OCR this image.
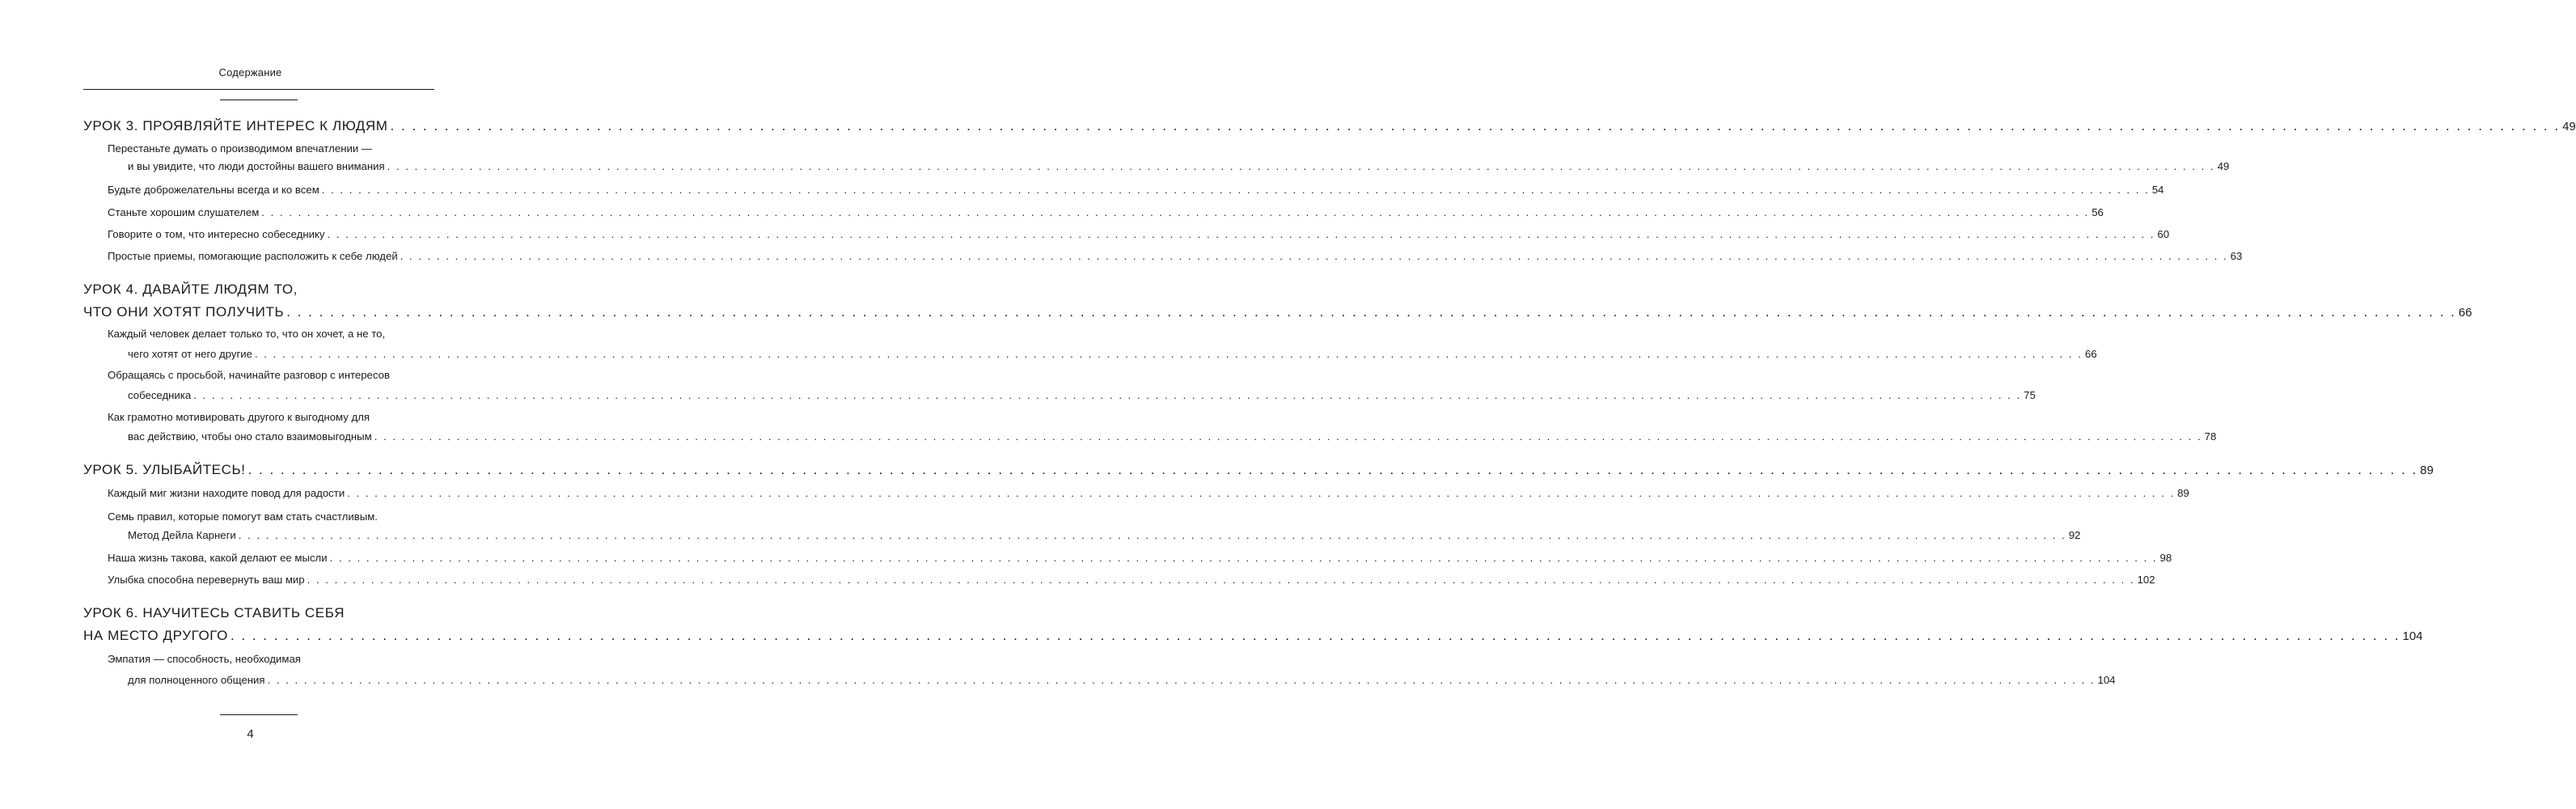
Содержание
УРОК 3. ПРОЯВЛЯЙТЕ ИНТЕРЕС К ЛЮДЯМ . . . . . . . . . . . . . . . . . . . . . . . . . . . . . . . . . . . . . . . . . . . . . . . . . . . . . . . . . . . . . . . . . . . . . . . . . . . . . . . . . . . . . . . . . . . . . . . . . . . . . . . . . . . . . . . . . . . . . . . . . . . . . . . . . . . . . . . . . . . . . . . . . . . . . . . . . . . . . . . . . . . . . . . . . . . . . . . . . . . . . . . . . . . . . . . . . . . . . . . . 49
Перестаньте думать о производимом впечатлении —
и вы увидите, что люди достойны вашего внимания . . . . . . . . . . . . . . . . . . . . . . . . . . . . . . . . . . . . . . . . . . . . . . . . . . . . . . . . . . . . . . . . . . . . . . . . . . . . . . . . . . . . . . . . . . . . . . . . . . . . . . . . . . . . . . . . . . . . . . . . . . . . . . . . . . . . . . . . . . . . . . . . . . . . . . . . . . . . . . . . . . . . . . . . . . . . . . . . . . . . . . . . . . . . . . . . . . . . . . . . 49
Будьте доброжелательны всегда и ко всем . . . . . . . . . . . . . . . . . . . . . . . . . . . . . . . . . . . . . . . . . . . . . . . . . . . . . . . . . . . . . . . . . . . . . . . . . . . . . . . . . . . . . . . . . . . . . . . . . . . . . . . . . . . . . . . . . . . . . . . . . . . . . . . . . . . . . . . . . . . . . . . . . . . . . . . . . . . . . . . . . . . . . . . . . . . . . . . . . . . . . . . . . . . . . . . . . . . . . . . . 54
Станьте хорошим слушателем . . . . . . . . . . . . . . . . . . . . . . . . . . . . . . . . . . . . . . . . . . . . . . . . . . . . . . . . . . . . . . . . . . . . . . . . . . . . . . . . . . . . . . . . . . . . . . . . . . . . . . . . . . . . . . . . . . . . . . . . . . . . . . . . . . . . . . . . . . . . . . . . . . . . . . . . . . . . . . . . . . . . . . . . . . . . . . . . . . . . . . . . . . . . . . . . . . . . . . . . 56
Говорите о том, что интересно собеседнику . . . . . . . . . . . . . . . . . . . . . . . . . . . . . . . . . . . . . . . . . . . . . . . . . . . . . . . . . . . . . . . . . . . . . . . . . . . . . . . . . . . . . . . . . . . . . . . . . . . . . . . . . . . . . . . . . . . . . . . . . . . . . . . . . . . . . . . . . . . . . . . . . . . . . . . . . . . . . . . . . . . . . . . . . . . . . . . . . . . . . . . . . . . . . . . . . . . . . . . . 60
Простые приемы, помогающие расположить к себе людей . . . . . . . . . . . . . . . . . . . . . . . . . . . . . . . . . . . . . . . . . . . . . . . . . . . . . . . . . . . . . . . . . . . . . . . . . . . . . . . . . . . . . . . . . . . . . . . . . . . . . . . . . . . . . . . . . . . . . . . . . . . . . . . . . . . . . . . . . . . . . . . . . . . . . . . . . . . . . . . . . . . . . . . . . . . . . . . . . . . . . . . . . . . . . . . . . . . . . . . . 63
УРОК 4. ДАВАЙТЕ ЛЮДЯМ ТО,
ЧТО ОНИ ХОТЯТ ПОЛУЧИТЬ . . . . . . . . . . . . . . . . . . . . . . . . . . . . . . . . . . . . . . . . . . . . . . . . . . . . . . . . . . . . . . . . . . . . . . . . . . . . . . . . . . . . . . . . . . . . . . . . . . . . . . . . . . . . . . . . . . . . . . . . . . . . . . . . . . . . . . . . . . . . . . . . . . . . . . . . . . . . . . . . . . . . . . . . . . . . . . . . . . . . . . . . . . . . . . . . . . . . . . . . 66
Каждый человек делает только то, что он хочет, а не то,
чего хотят от него другие . . . . . . . . . . . . . . . . . . . . . . . . . . . . . . . . . . . . . . . . . . . . . . . . . . . . . . . . . . . . . . . . . . . . . . . . . . . . . . . . . . . . . . . . . . . . . . . . . . . . . . . . . . . . . . . . . . . . . . . . . . . . . . . . . . . . . . . . . . . . . . . . . . . . . . . . . . . . . . . . . . . . . . . . . . . . . . . . . . . . . . . . . . . . . . . . . . . . . . . . 66
Обращаясь с просьбой, начинайте разговор с интересов
собеседника . . . . . . . . . . . . . . . . . . . . . . . . . . . . . . . . . . . . . . . . . . . . . . . . . . . . . . . . . . . . . . . . . . . . . . . . . . . . . . . . . . . . . . . . . . . . . . . . . . . . . . . . . . . . . . . . . . . . . . . . . . . . . . . . . . . . . . . . . . . . . . . . . . . . . . . . . . . . . . . . . . . . . . . . . . . . . . . . . . . . . . . . . . . . . . . . . . . . . . . . 75
Как грамотно мотивировать другого к выгодному для
вас действию, чтобы оно стало взаимовыгодным . . . . . . . . . . . . . . . . . . . . . . . . . . . . . . . . . . . . . . . . . . . . . . . . . . . . . . . . . . . . . . . . . . . . . . . . . . . . . . . . . . . . . . . . . . . . . . . . . . . . . . . . . . . . . . . . . . . . . . . . . . . . . . . . . . . . . . . . . . . . . . . . . . . . . . . . . . . . . . . . . . . . . . . . . . . . . . . . . . . . . . . . . . . . . . . . . . . . . . . . 78
УРОК 5. УЛЫБАЙТЕСЬ! . . . . . . . . . . . . . . . . . . . . . . . . . . . . . . . . . . . . . . . . . . . . . . . . . . . . . . . . . . . . . . . . . . . . . . . . . . . . . . . . . . . . . . . . . . . . . . . . . . . . . . . . . . . . . . . . . . . . . . . . . . . . . . . . . . . . . . . . . . . . . . . . . . . . . . . . . . . . . . . . . . . . . . . . . . . . . . . . . . . . . . . . . . . . . . . . . . . . . . . . 89
Каждый миг жизни находите повод для радости . . . . . . . . . . . . . . . . . . . . . . . . . . . . . . . . . . . . . . . . . . . . . . . . . . . . . . . . . . . . . . . . . . . . . . . . . . . . . . . . . . . . . . . . . . . . . . . . . . . . . . . . . . . . . . . . . . . . . . . . . . . . . . . . . . . . . . . . . . . . . . . . . . . . . . . . . . . . . . . . . . . . . . . . . . . . . . . . . . . . . . . . . . . . . . . . . . . . . . . . 89
Семь правил, которые помогут вам стать счастливым.
Метод Дейла Карнеги . . . . . . . . . . . . . . . . . . . . . . . . . . . . . . . . . . . . . . . . . . . . . . . . . . . . . . . . . . . . . . . . . . . . . . . . . . . . . . . . . . . . . . . . . . . . . . . . . . . . . . . . . . . . . . . . . . . . . . . . . . . . . . . . . . . . . . . . . . . . . . . . . . . . . . . . . . . . . . . . . . . . . . . . . . . . . . . . . . . . . . . . . . . . . . . . . . . . . . . . 92
Наша жизнь такова, какой делают ее мысли . . . . . . . . . . . . . . . . . . . . . . . . . . . . . . . . . . . . . . . . . . . . . . . . . . . . . . . . . . . . . . . . . . . . . . . . . . . . . . . . . . . . . . . . . . . . . . . . . . . . . . . . . . . . . . . . . . . . . . . . . . . . . . . . . . . . . . . . . . . . . . . . . . . . . . . . . . . . . . . . . . . . . . . . . . . . . . . . . . . . . . . . . . . . . . . . . . . . . . . . 98
Улыбка способна перевернуть ваш мир . . . . . . . . . . . . . . . . . . . . . . . . . . . . . . . . . . . . . . . . . . . . . . . . . . . . . . . . . . . . . . . . . . . . . . . . . . . . . . . . . . . . . . . . . . . . . . . . . . . . . . . . . . . . . . . . . . . . . . . . . . . . . . . . . . . . . . . . . . . . . . . . . . . . . . . . . . . . . . . . . . . . . . . . . . . . . . . . . . . . . . . . . . . . . . . . . . . . . . . . 102
УРОК 6. НАУЧИТЕСЬ СТАВИТЬ СЕБЯ
НА МЕСТО ДРУГОГО . . . . . . . . . . . . . . . . . . . . . . . . . . . . . . . . . . . . . . . . . . . . . . . . . . . . . . . . . . . . . . . . . . . . . . . . . . . . . . . . . . . . . . . . . . . . . . . . . . . . . . . . . . . . . . . . . . . . . . . . . . . . . . . . . . . . . . . . . . . . . . . . . . . . . . . . . . . . . . . . . . . . . . . . . . . . . . . . . . . . . . . . . . . . . . . . . . . . . . . . 104
Эмпатия — способность, необходимая
для полноценного общения . . . . . . . . . . . . . . . . . . . . . . . . . . . . . . . . . . . . . . . . . . . . . . . . . . . . . . . . . . . . . . . . . . . . . . . . . . . . . . . . . . . . . . . . . . . . . . . . . . . . . . . . . . . . . . . . . . . . . . . . . . . . . . . . . . . . . . . . . . . . . . . . . . . . . . . . . . . . . . . . . . . . . . . . . . . . . . . . . . . . . . . . . . . . . . . . . . . . . . . . 104
4
